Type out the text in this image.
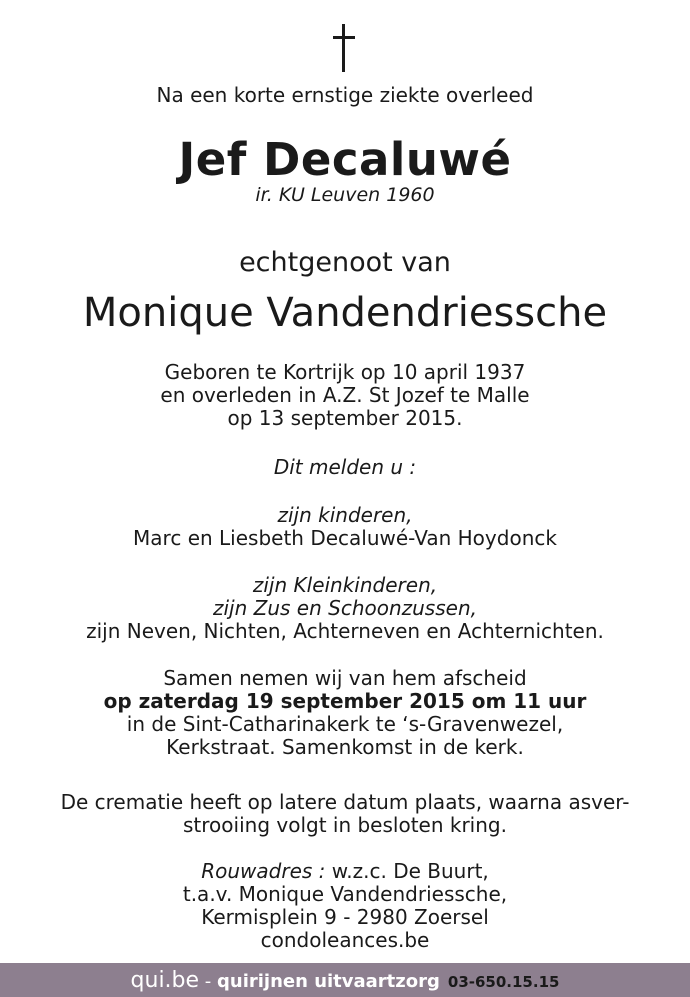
Na een korte ernstige ziekte overleed
Jef Decaluwé
ir. KU Leuven 1960
echtgenoot van
Monique Vandendriessche
Geboren te Kortrijk op 10 april 1937
en overleden in A.Z. St Jozef te Malle
op 13 september 2015.
Dit melden u :
zijn kinderen,
Marc en Liesbeth Decaluwé-Van Hoydonck
zijn Kleinkinderen,
zijn Zus en Schoonzussen,
zijn Neven, Nichten, Achterneven en Achternichten.
Samen nemen wij van hem afscheid
op zaterdag 19 september 2015 om 11 uur
in de Sint-Catharinakerk te ‘s-Gravenwezel,
Kerkstraat. Samenkomst in de kerk.
De crematie heeft op latere datum plaats, waarna asver-
strooiing volgt in besloten kring.
Rouwadres : w.z.c. De Buurt,
t.a.v. Monique Vandendriessche,
Kermisplein 9 - 2980 Zoersel
condoleances.be
qui.be - quirijnen uitvaartzorg 03-650.15.15
